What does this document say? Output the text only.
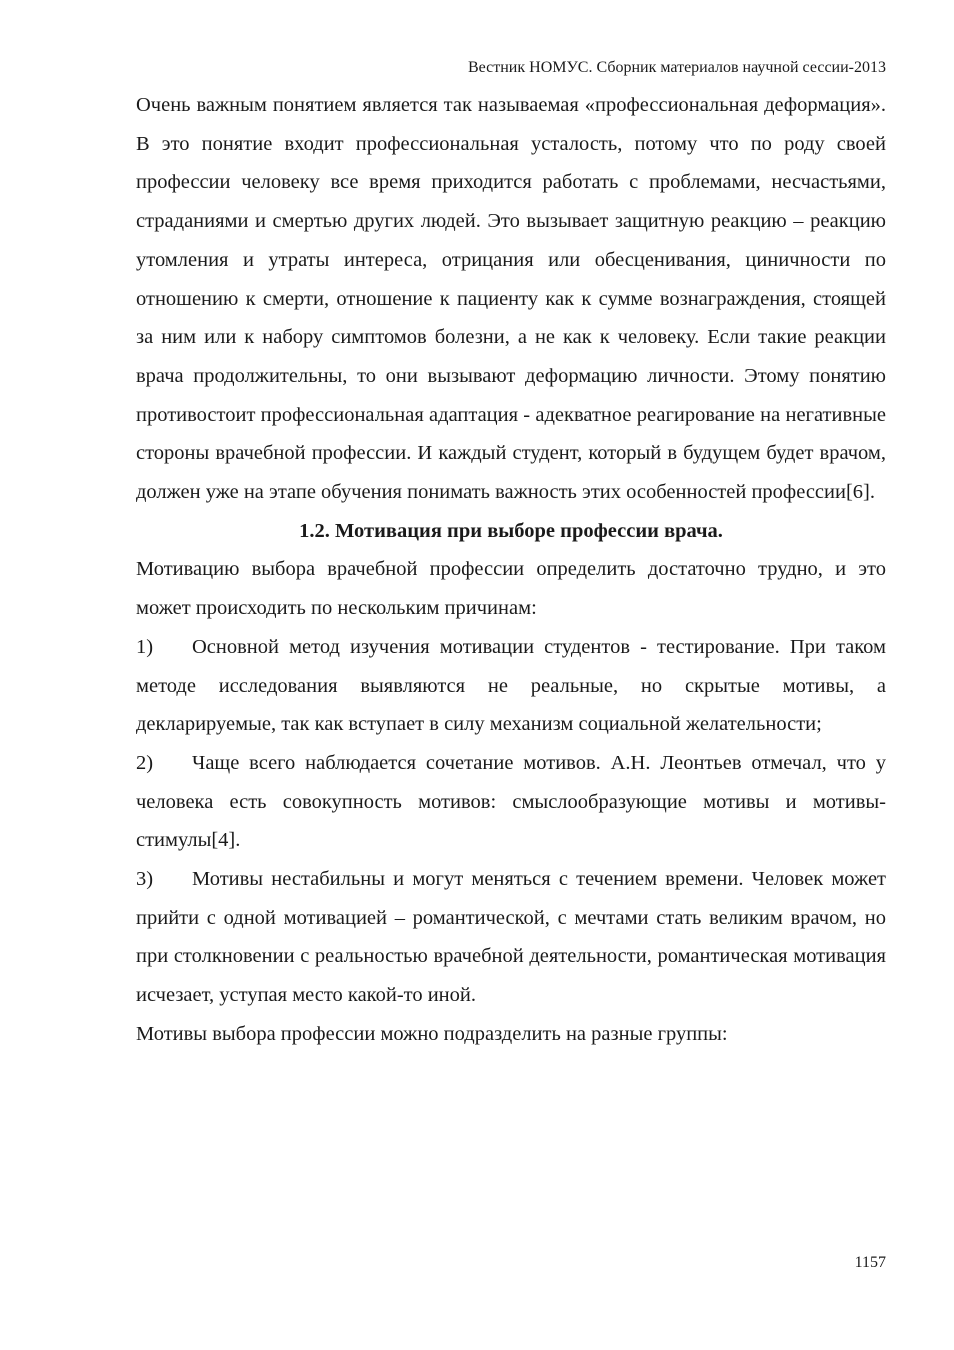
Вестник НОМУС. Сборник материалов научной сессии-2013

Очень важным понятием является так называемая «профессиональная деформация». В это понятие входит профессиональная усталость, потому что по роду своей профессии человеку все время приходится работать с проблемами, несчастьями, страданиями и смертью других людей. Это вызывает защитную реакцию – реакцию утомления и утраты интереса, отрицания или обесценивания, циничности по отношению к смерти, отношение к пациенту как к сумме вознаграждения, стоящей за ним или к набору симптомов болезни, а не как к человеку. Если такие реакции врача продолжительны, то они вызывают деформацию личности. Этому понятию противостоит профессиональная адаптация - адекватное реагирование на негативные стороны врачебной профессии. И каждый студент, который в будущем будет врачом, должен уже на этапе обучения понимать важность этих особенностей профессии[6].

1.2. Мотивация при выборе профессии врача.

Мотивацию выбора врачебной профессии определить достаточно трудно, и это может происходить по нескольким причинам:

1) Основной метод изучения мотивации студентов - тестирование. При таком методе исследования выявляются не реальные, но скрытые мотивы, а декларируемые, так как вступает в силу механизм социальной желательности;

2) Чаще всего наблюдается сочетание мотивов. А.Н. Леонтьев отмечал, что у человека есть совокупность мотивов: смыслообразующие мотивы и мотивы-стимулы[4].

3) Мотивы нестабильны и могут меняться с течением времени. Человек может прийти с одной мотивацией – романтической, с мечтами стать великим врачом, но при столкновении с реальностью врачебной деятельности, романтическая мотивация исчезает, уступая место какой-то иной.

Мотивы выбора профессии можно подразделить на разные группы:

1157
